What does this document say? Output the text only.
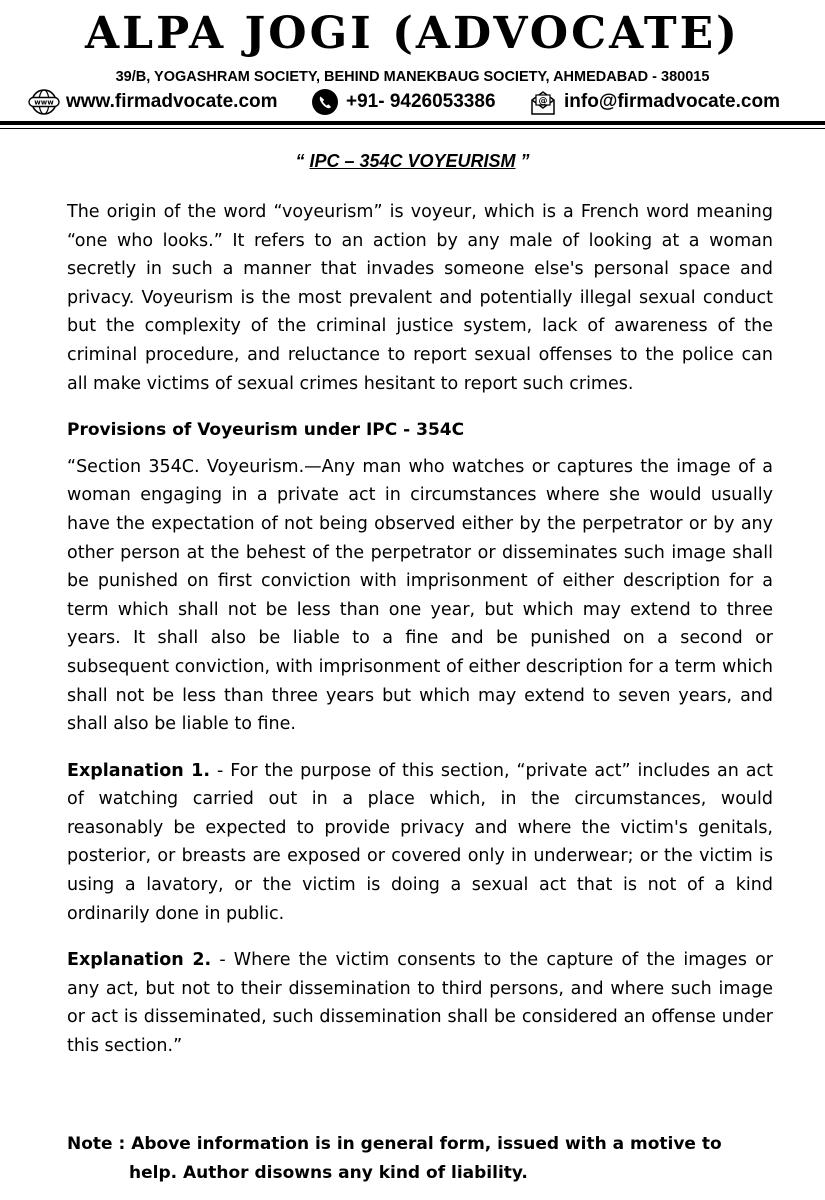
ALPA JOGI (ADVOCATE)
39/B, YOGASHRAM SOCIETY, BEHIND MANEKBAUG SOCIETY, AHMEDABAD - 380015
www www.firmadvocate.com	+91- 9426053386	@ info@firmadvocate.com
“ IPC – 354C VOYEURISM ”

The origin of the word “voyeurism” is voyeur, which is a French word meaning “one who looks.” It refers to an action by any male of looking at a woman secretly in such a manner that invades someone else's personal space and privacy. Voyeurism is the most prevalent and potentially illegal sexual conduct but the complexity of the criminal justice system, lack of awareness of the criminal procedure, and reluctance to report sexual offenses to the police can all make victims of sexual crimes hesitant to report such crimes.

Provisions of Voyeurism under IPC - 354C

“Section 354C. Voyeurism.—Any man who watches or captures the image of a woman engaging in a private act in circumstances where she would usually have the expectation of not being observed either by the perpetrator or by any other person at the behest of the perpetrator or disseminates such image shall be punished on first conviction with imprisonment of either description for a term which shall not be less than one year, but which may extend to three years. It shall also be liable to a fine and be punished on a second or subsequent conviction, with imprisonment of either description for a term which shall not be less than three years but which may extend to seven years, and shall also be liable to fine.

Explanation 1. - For the purpose of this section, “private act” includes an act of watching carried out in a place which, in the circumstances, would reasonably be expected to provide privacy and where the victim's genitals, posterior, or breasts are exposed or covered only in underwear; or the victim is using a lavatory, or the victim is doing a sexual act that is not of a kind ordinarily done in public.

Explanation 2. - Where the victim consents to the capture of the images or any act, but not to their dissemination to third persons, and where such image or act is disseminated, such dissemination shall be considered an offense under this section.”

Note : Above information is in general form, issued with a motive to
help. Author disowns any kind of liability.
